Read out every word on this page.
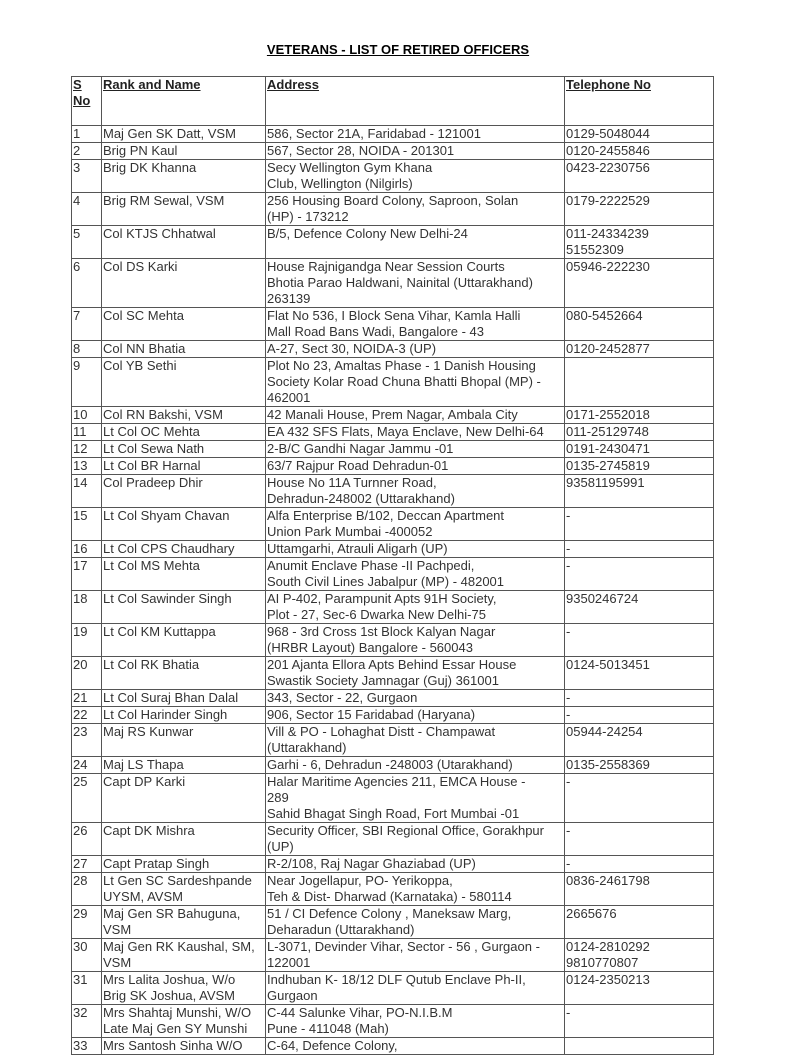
VETERANS - LIST OF RETIRED OFFICERS
S
No	Rank and Name	Address	Telephone No
1	Maj Gen SK Datt, VSM	586, Sector 21A, Faridabad - 121001	0129-5048044
2	Brig PN Kaul	567, Sector 28, NOIDA - 201301	0120-2455846
3	Brig DK Khanna	Secy Wellington Gym Khana
Club, Wellington (Nilgirls)	0423-2230756
4	Brig RM Sewal, VSM	256 Housing Board Colony, Saproon, Solan
(HP) - 173212	0179-2222529
5	Col KTJS Chhatwal	B/5, Defence Colony New Delhi-24	011-24334239
51552309
6	Col DS Karki	House Rajnigandga Near Session Courts
Bhotia Parao Haldwani, Nainital (Uttarakhand)
263139	05946-222230
7	Col SC Mehta	Flat No 536, I Block Sena Vihar, Kamla Halli
Mall Road Bans Wadi, Bangalore - 43	080-5452664
8	Col NN Bhatia	A-27, Sect 30, NOIDA-3 (UP)	0120-2452877
9	Col YB Sethi	Plot No 23, Amaltas Phase - 1 Danish Housing
Society Kolar Road Chuna Bhatti Bhopal (MP) -
462001	
10	Col RN Bakshi, VSM	42 Manali House, Prem Nagar, Ambala City	0171-2552018
11	Lt Col OC Mehta	EA 432 SFS Flats, Maya Enclave, New Delhi-64	011-25129748
12	Lt Col Sewa Nath	2-B/C Gandhi Nagar Jammu -01	0191-2430471
13	Lt Col BR Harnal	63/7 Rajpur Road Dehradun-01	0135-2745819
14	Col Pradeep Dhir	House No 11A Turnner Road,
Dehradun-248002 (Uttarakhand)	93581195991
15	Lt Col Shyam Chavan	Alfa Enterprise B/102, Deccan Apartment
Union Park Mumbai -400052	-
16	Lt Col CPS Chaudhary	Uttamgarhi, Atrauli Aligarh (UP)	-
17	Lt Col MS Mehta	Anumit Enclave Phase -II Pachpedi,
South Civil Lines Jabalpur (MP) - 482001	-
18	Lt Col Sawinder Singh	AI P-402, Parampunit Apts 91H Society,
Plot - 27, Sec-6 Dwarka New Delhi-75	9350246724
19	Lt Col KM Kuttappa	968 - 3rd Cross 1st Block Kalyan Nagar
(HRBR Layout) Bangalore - 560043	-
20	Lt Col RK Bhatia	201 Ajanta Ellora Apts Behind Essar House
Swastik Society Jamnagar (Guj) 361001	0124-5013451
21	Lt Col Suraj Bhan Dalal	343, Sector - 22, Gurgaon	-
22	Lt Col Harinder Singh	906, Sector 15 Faridabad (Haryana)	-
23	Maj RS Kunwar	Vill & PO - Lohaghat Distt - Champawat
(Uttarakhand)	05944-24254
24	Maj LS Thapa	Garhi - 6, Dehradun -248003 (Utarakhand)	0135-2558369
25	Capt DP Karki	Halar Maritime Agencies 211, EMCA House -
289
Sahid Bhagat Singh Road, Fort Mumbai -01	-
26	Capt DK Mishra	Security Officer, SBI Regional Office, Gorakhpur
(UP)	-
27	Capt Pratap Singh	R-2/108, Raj Nagar Ghaziabad (UP)	-
28	Lt Gen SC Sardeshpande
UYSM, AVSM	Near Jogellapur, PO- Yerikoppa,
Teh & Dist- Dharwad (Karnataka) - 580114	0836-2461798
29	Maj Gen SR Bahuguna,
VSM	51 / CI Defence Colony , Maneksaw Marg,
Deharadun (Uttarakhand)	2665676
30	Maj Gen RK Kaushal, SM,
VSM	L-3071, Devinder Vihar, Sector - 56 , Gurgaon -
122001	0124-2810292
9810770807
31	Mrs Lalita Joshua, W/o
Brig SK Joshua, AVSM	Indhuban K- 18/12 DLF Qutub Enclave Ph-II,
Gurgaon	0124-2350213
32	Mrs Shahtaj Munshi, W/O
Late Maj Gen SY Munshi	C-44 Salunke Vihar, PO-N.I.B.M
Pune - 411048 (Mah)	-
33	Mrs Santosh Sinha W/O	C-64, Defence Colony,	
